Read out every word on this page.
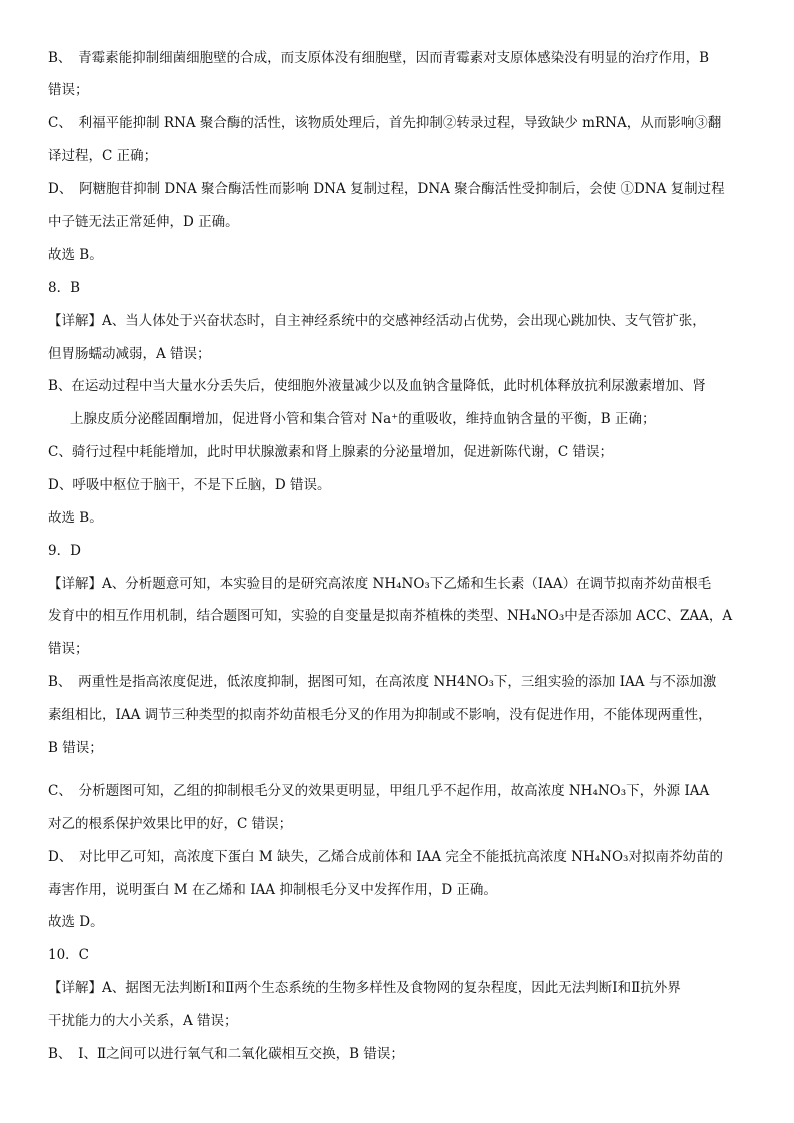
B、　青霉素能抑制细菌细胞壁的合成，而支原体没有细胞壁，因而青霉素对支原体感染没有明显的治疗作用，B
错误；
C、　利福平能抑制 RNA 聚合酶的活性，该物质处理后，首先抑制②转录过程，导致缺少 mRNA，从而影响③翻
译过程，C 正确；
D、　阿糖胞苷抑制 DNA 聚合酶活性而影响 DNA 复制过程，DNA 聚合酶活性受抑制后，会使 ①DNA 复制过程
中子链无法正常延伸，D 正确。
故选 B。
8．B
【详解】A、当人体处于兴奋状态时，自主神经系统中的交感神经活动占优势，会出现心跳加快、支气管扩张，
但胃肠蠕动减弱，A 错误；
B、在运动过程中当大量水分丢失后，使细胞外液量减少以及血钠含量降低，此时机体释放抗利尿激素增加、肾
上腺皮质分泌醛固酮增加，促进肾小管和集合管对 Na⁺的重吸收，维持血钠含量的平衡，B 正确；
C、骑行过程中耗能增加，此时甲状腺激素和肾上腺素的分泌量增加，促进新陈代谢，C 错误；
D、呼吸中枢位于脑干，不是下丘脑，D 错误。
故选 B。
9．D
【详解】A、分析题意可知，本实验目的是研究高浓度 NH₄NO₃下乙烯和生长素（IAA）在调节拟南芥幼苗根毛
发育中的相互作用机制，结合题图可知，实验的自变量是拟南芥植株的类型、NH₄NO₃中是否添加 ACC、ZAA，A
错误；
B、　两重性是指高浓度促进，低浓度抑制，据图可知，在高浓度 NH4NO₃下，三组实验的添加 IAA 与不添加激
素组相比，IAA 调节三种类型的拟南芥幼苗根毛分叉的作用为抑制或不影响，没有促进作用，不能体现两重性，
B 错误；
C、　分析题图可知，乙组的抑制根毛分叉的效果更明显，甲组几乎不起作用，故高浓度 NH₄NO₃下，外源 IAA
对乙的根系保护效果比甲的好，C 错误；
D、　对比甲乙可知，高浓度下蛋白 M 缺失，乙烯合成前体和 IAA 完全不能抵抗高浓度 NH₄NO₃对拟南芥幼苗的
毒害作用，说明蛋白 M 在乙烯和 IAA 抑制根毛分叉中发挥作用，D 正确。
故选 D。
10．C
【详解】A、据图无法判断Ⅰ和Ⅱ两个生态系统的生物多样性及食物网的复杂程度，因此无法判断Ⅰ和Ⅱ抗外界
干扰能力的大小关系，A 错误；
B、　Ⅰ、Ⅱ之间可以进行氧气和二氧化碳相互交换，B 错误；
